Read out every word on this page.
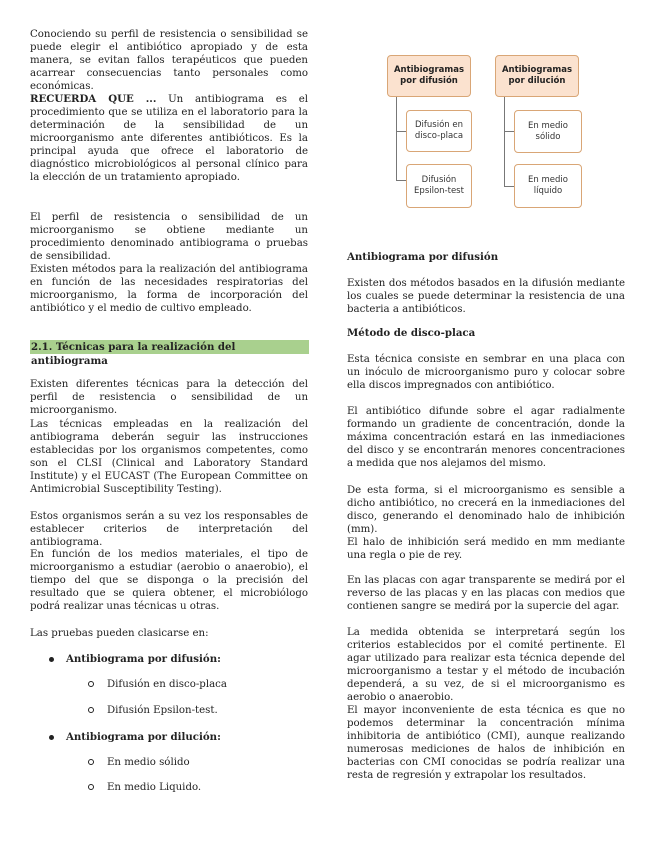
Conociendo su perfil de resistencia o sensibilidad se puede elegir el antibiótico apropiado y de esta manera, se evitan fallos terapéuticos que pueden acarrear consecuencias tanto personales como económicas.

RECUERDA QUE ... Un antibiograma es el procedimiento que se utiliza en el laboratorio para la determinación de la sensibilidad de un microorganismo ante diferentes antibióticos. Es la principal ayuda que ofrece el laboratorio de diagnóstico microbiológicos al personal clínico para la elección de un tratamiento apropiado.

El perfil de resistencia o sensibilidad de un microorganismo se obtiene mediante un procedimiento denominado antibiograma o pruebas de sensibilidad.

Existen métodos para la realización del antibiograma en función de las necesidades respiratorias del microorganismo, la forma de incorporación del antibiótico y el medio de cultivo empleado.

2.1. Técnicas para la realización del antibiograma

Existen diferentes técnicas para la detección del perfil de resistencia o sensibilidad de un microorganismo.

Las técnicas empleadas en la realización del antibiograma deberán seguir las instrucciones establecidas por los organismos competentes, como son el CLSI (Clinical and Laboratory Standard Institute) y el EUCAST (The European Committee on Antimicrobial Susceptibility Testing).

Estos organismos serán a su vez los responsables de establecer criterios de interpretación del antibiograma.

En función de los medios materiales, el tipo de microorganismo a estudiar (aerobio o anaerobio), el tiempo del que se disponga o la precisión del resultado que se quiera obtener, el microbiólogo podrá realizar unas técnicas u otras.

Las pruebas pueden clasicarse en:

Antibiograma por difusión:
Difusión en disco-placa
Difusión Epsilon-test.
Antibiograma por dilución:
En medio sólido
En medio Liquido.
Antibiogramas por difusión
Antibiogramas por dilución
Difusión en disco-placa
Difusión Epsilon-test
En medio sólido
En medio líquido

Antibiograma por difusión

Existen dos métodos basados en la difusión mediante los cuales se puede determinar la resistencia de una bacteria a antibióticos.

Método de disco-placa

Esta técnica consiste en sembrar en una placa con un inóculo de microorganismo puro y colocar sobre ella discos impregnados con antibiótico.

El antibiótico difunde sobre el agar radialmente formando un gradiente de concentración, donde la máxima concentración estará en las inmediaciones del disco y se encontrarán menores concentraciones a medida que nos alejamos del mismo.

De esta forma, si el microorganismo es sensible a dicho antibiótico, no crecerá en la inmediaciones del disco, generando el denominado halo de inhibición (mm).

El halo de inhibición será medido en mm mediante una regla o pie de rey.

En las placas con agar transparente se medirá por el reverso de las placas y en las placas con medios que contienen sangre se medirá por la supercie del agar.

La medida obtenida se interpretará según los criterios establecidos por el comité pertinente. El agar utilizado para realizar esta técnica depende del microorganismo a testar y el método de incubación dependerá, a su vez, de si el microorganismo es aerobio o anaerobio.

El mayor inconveniente de esta técnica es que no podemos determinar la concentración mínima inhibitoria de antibiótico (CMI), aunque realizando numerosas mediciones de halos de inhibición en bacterias con CMI conocidas se podría realizar una resta de regresión y extrapolar los resultados.
